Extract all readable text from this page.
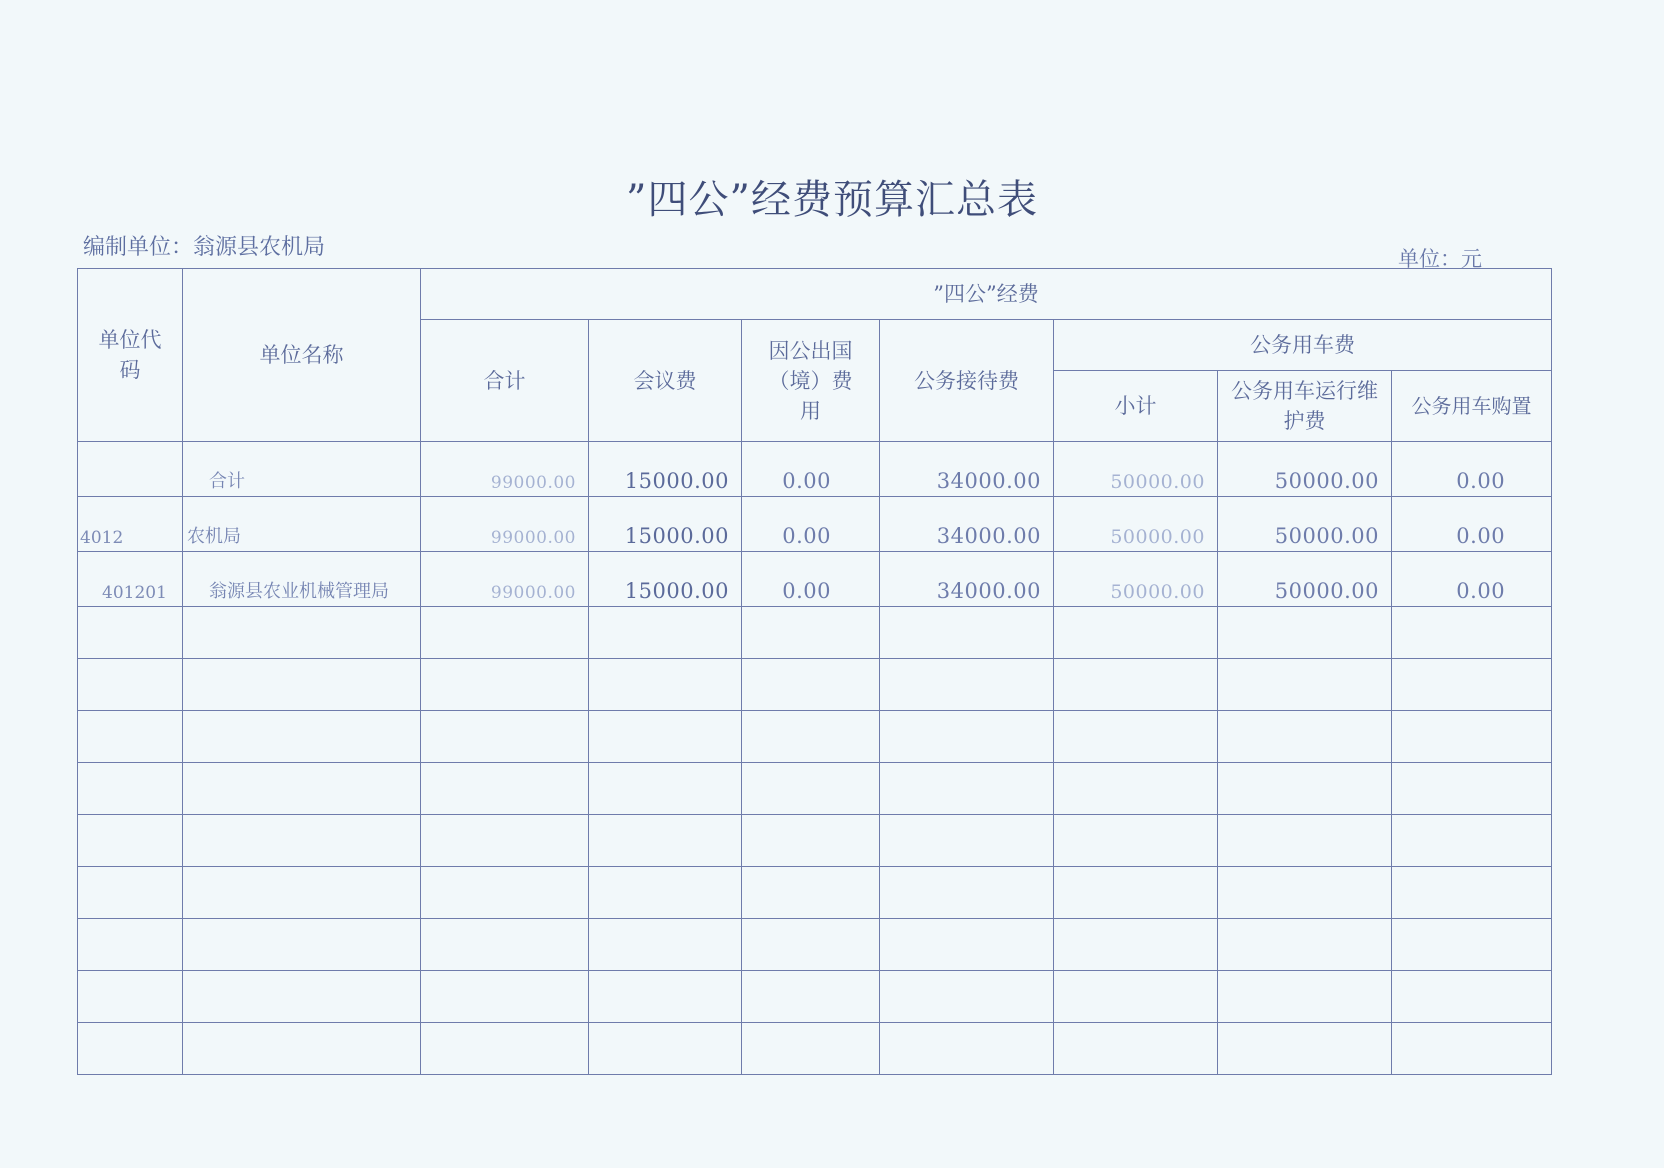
”四公”经费预算汇总表
编制单位：翁源县农机局	单位：元
单位代码	单位名称	”四公”经费						
		合计	会议费	因公出国（境）费用	公务接待费	公务用车费		
						小计	公务用车运行维护费	公务用车购置
	合计	99000.00	15000.00	0.00	34000.00	50000.00	50000.00	0.00
4012	农机局	99000.00	15000.00	0.00	34000.00	50000.00	50000.00	0.00
401201	翁源县农业机械管理局	99000.00	15000.00	0.00	34000.00	50000.00	50000.00	0.00
